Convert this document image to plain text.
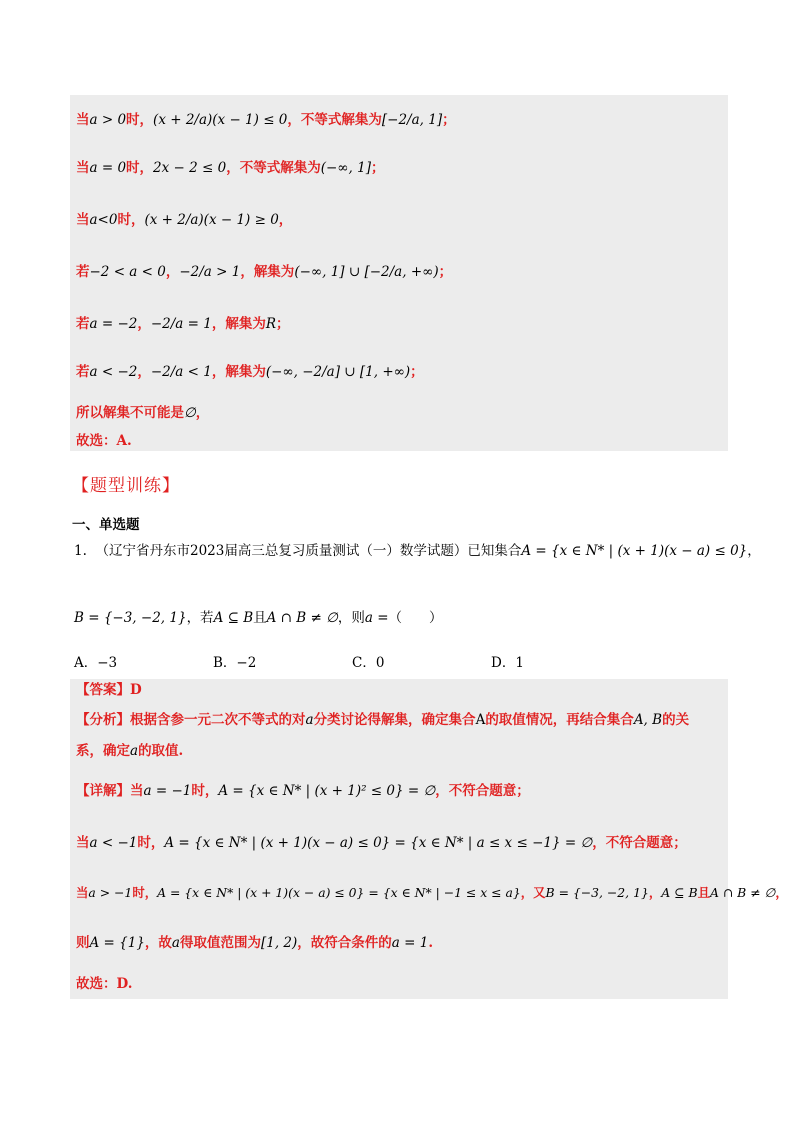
当a > 0时，(x + 2/a)(x − 1) ≤ 0，不等式解集为[−2/a, 1]；
当a = 0时，2x − 2 ≤ 0，不等式解集为(−∞, 1]；
当a<0时，(x + 2/a)(x − 1) ≥ 0，
若−2 < a < 0，−2/a > 1，解集为(−∞, 1] ∪ [−2/a, +∞)；
若a = −2，−2/a = 1，解集为R；
若a < −2，−2/a < 1，解集为(−∞, −2/a] ∪ [1, +∞)；
所以解集不可能是∅，
故选：A.
【题型训练】
一、单选题
1. （辽宁省丹东市2023届高三总复习质量测试（一）数学试题）已知集合A = {x ∈ N* | (x + 1)(x − a) ≤ 0}，
B = {−3, −2, 1}，若A ⊆ B且A ∩ B ≠ ∅，则a =（　　）
A．−3	B．−2	C．0	D．1
【答案】D
【分析】根据含参一元二次不等式的对a分类讨论得解集，确定集合A的取值情况，再结合集合A, B的关
系，确定a的取值.
【详解】当a = −1时，A = {x ∈ N* | (x + 1)² ≤ 0} = ∅，不符合题意；
当a < −1时，A = {x ∈ N* | (x + 1)(x − a) ≤ 0} = {x ∈ N* | a ≤ x ≤ −1} = ∅，不符合题意；
当a > −1时，A = {x ∈ N* | (x + 1)(x − a) ≤ 0} = {x ∈ N* | −1 ≤ x ≤ a}，又B = {−3, −2, 1}，A ⊆ B且A ∩ B ≠ ∅，
则A = {1}，故a得取值范围为[1, 2)，故符合条件的a = 1.
故选：D.
